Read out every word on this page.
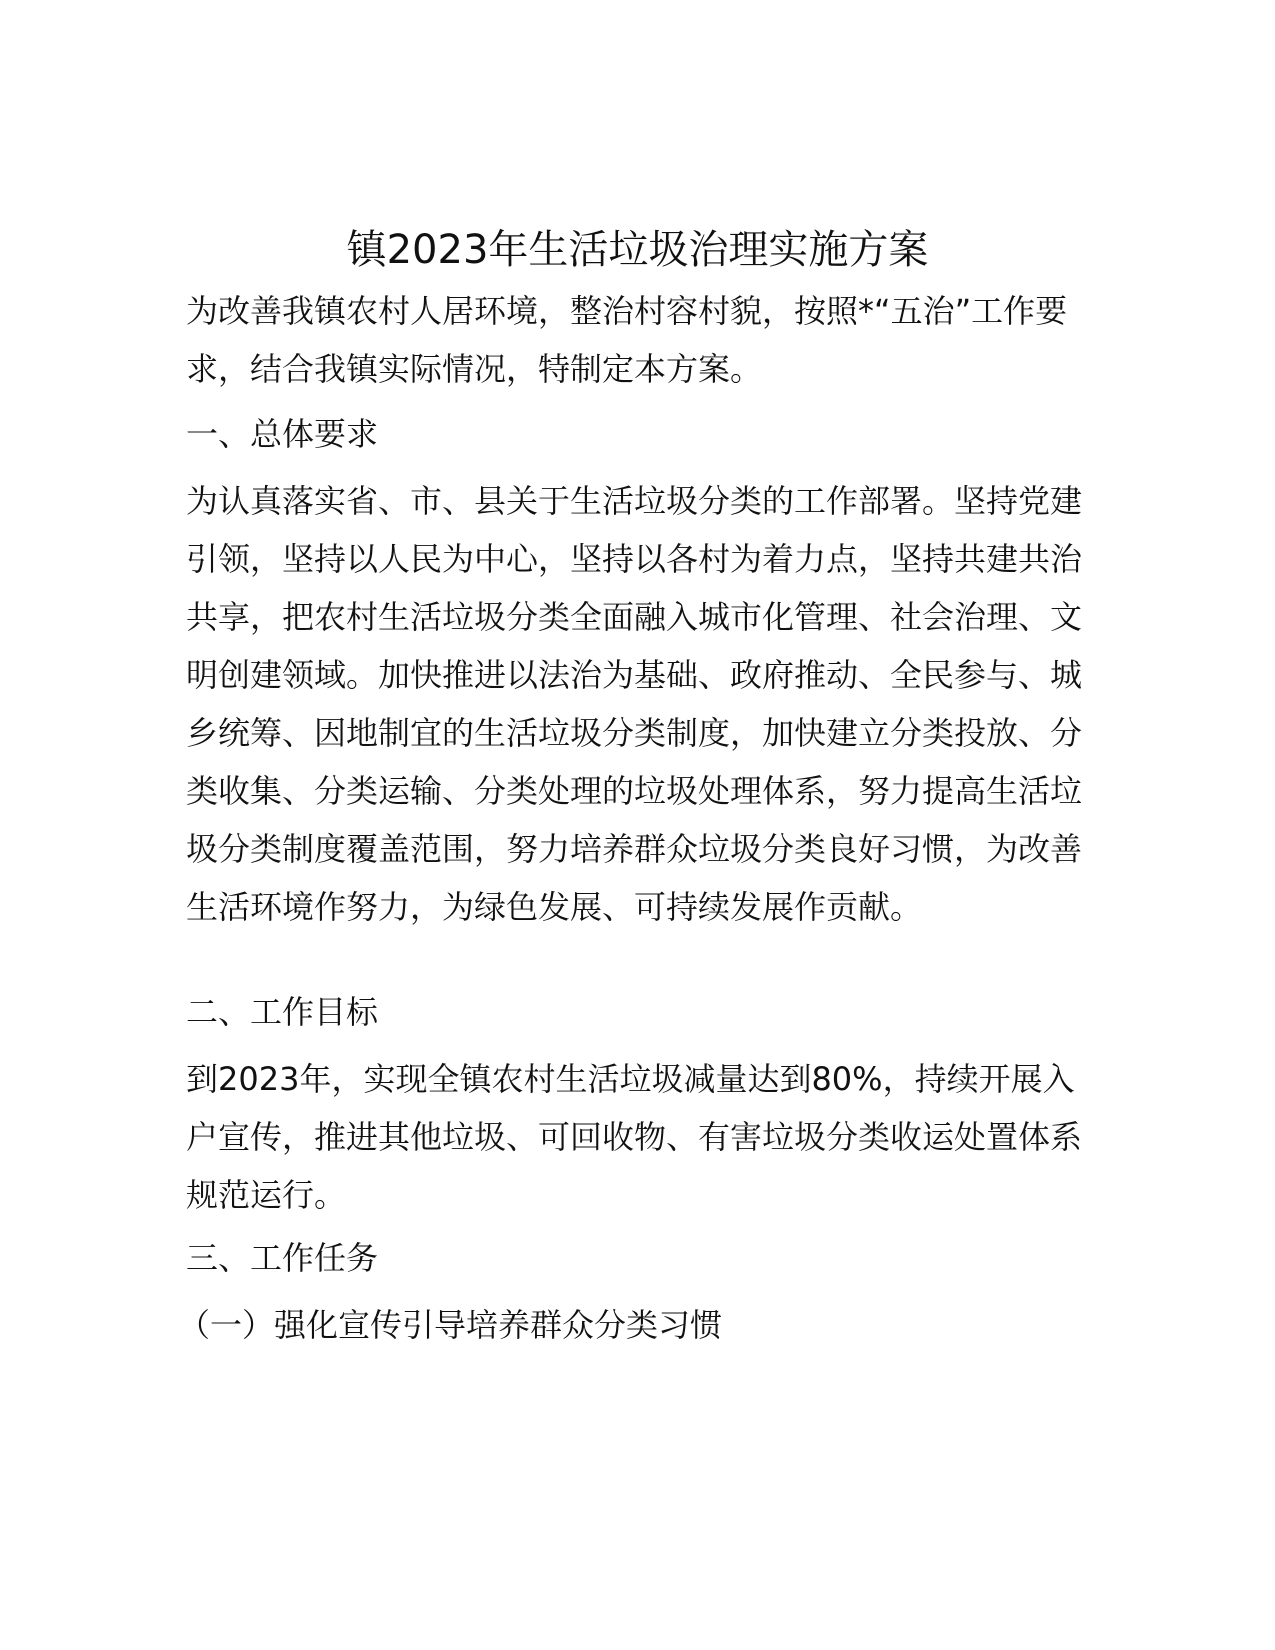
镇2023年生活垃圾治理实施方案

为改善我镇农村人居环境，整治村容村貌，按照*“五治”工作要求，结合我镇实际情况，特制定本方案。

一、总体要求

为认真落实省、市、县关于生活垃圾分类的工作部署。坚持党建引领，坚持以人民为中心，坚持以各村为着力点，坚持共建共治共享，把农村生活垃圾分类全面融入城市化管理、社会治理、文明创建领域。加快推进以法治为基础、政府推动、全民参与、城乡统筹、因地制宜的生活垃圾分类制度，加快建立分类投放、分类收集、分类运输、分类处理的垃圾处理体系，努力提高生活垃圾分类制度覆盖范围，努力培养群众垃圾分类良好习惯，为改善生活环境作努力，为绿色发展、可持续发展作贡献。

二、工作目标

到2023年，实现全镇农村生活垃圾减量达到80%，持续开展入户宣传，推进其他垃圾、可回收物、有害垃圾分类收运处置体系规范运行。

三、工作任务

（一）强化宣传引导培养群众分类习惯
